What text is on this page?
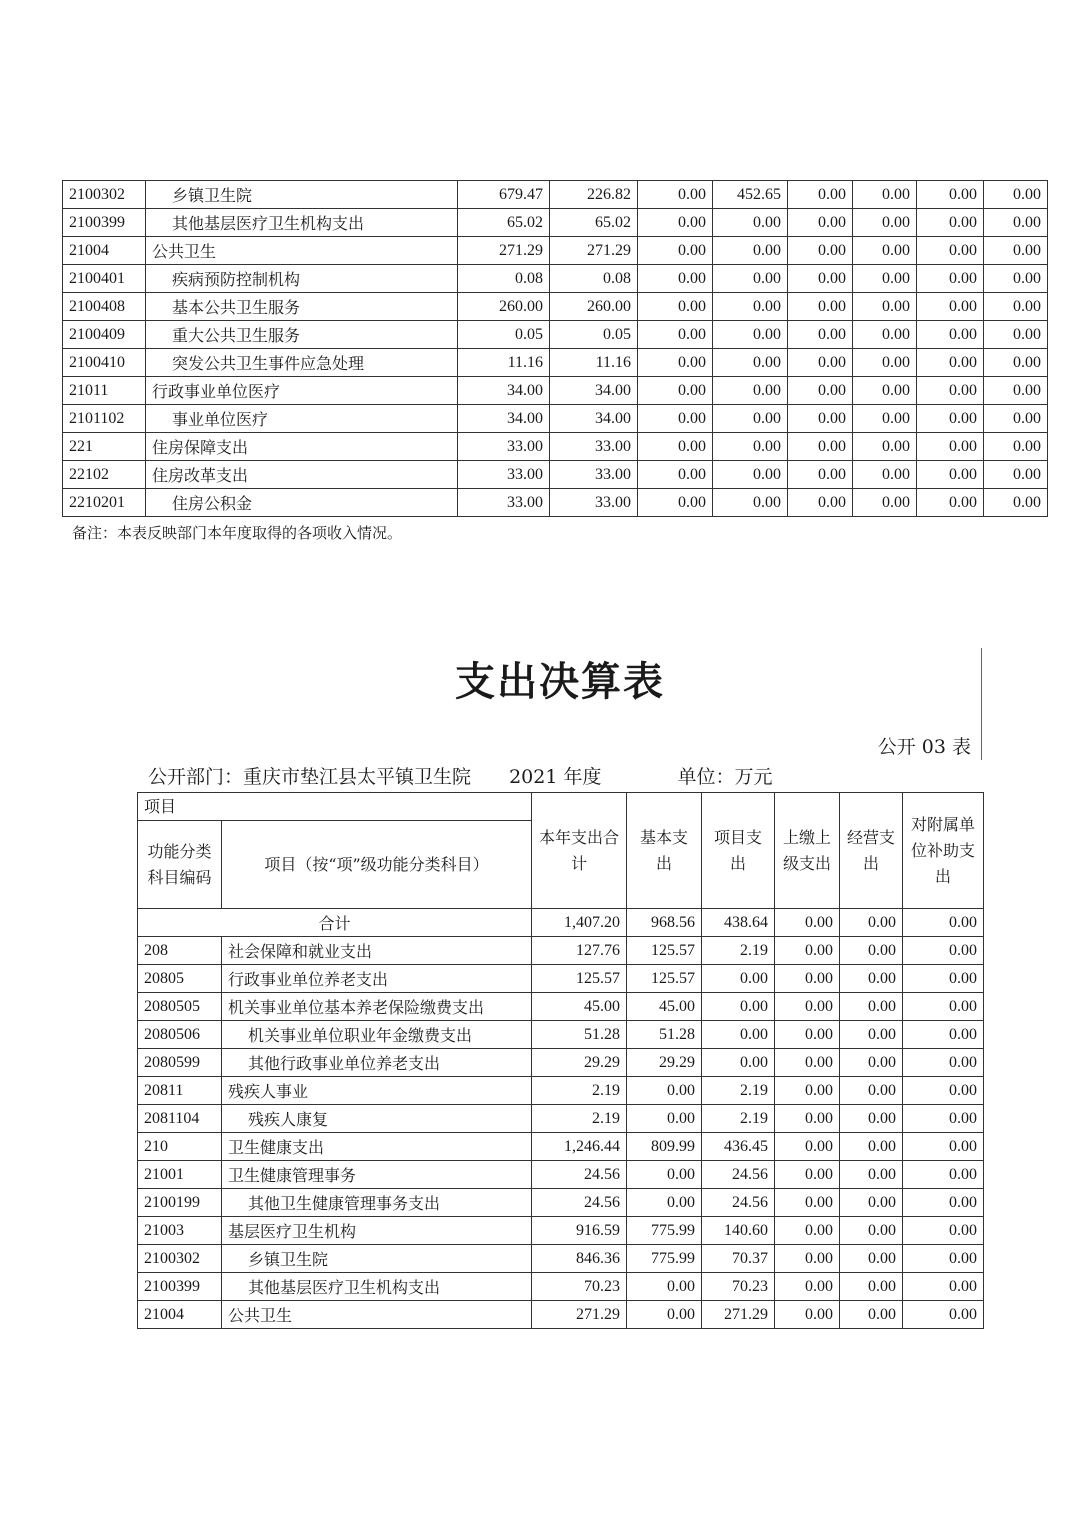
2100302	乡镇卫生院	679.47	226.82	0.00	452.65	0.00	0.00	0.00	0.00
2100399	其他基层医疗卫生机构支出	65.02	65.02	0.00	0.00	0.00	0.00	0.00	0.00
21004	公共卫生	271.29	271.29	0.00	0.00	0.00	0.00	0.00	0.00
2100401	疾病预防控制机构	0.08	0.08	0.00	0.00	0.00	0.00	0.00	0.00
2100408	基本公共卫生服务	260.00	260.00	0.00	0.00	0.00	0.00	0.00	0.00
2100409	重大公共卫生服务	0.05	0.05	0.00	0.00	0.00	0.00	0.00	0.00
2100410	突发公共卫生事件应急处理	11.16	11.16	0.00	0.00	0.00	0.00	0.00	0.00
21011	行政事业单位医疗	34.00	34.00	0.00	0.00	0.00	0.00	0.00	0.00
2101102	事业单位医疗	34.00	34.00	0.00	0.00	0.00	0.00	0.00	0.00
221	住房保障支出	33.00	33.00	0.00	0.00	0.00	0.00	0.00	0.00
22102	住房改革支出	33.00	33.00	0.00	0.00	0.00	0.00	0.00	0.00
2210201	住房公积金	33.00	33.00	0.00	0.00	0.00	0.00	0.00	0.00
备注：本表反映部门本年度取得的各项收入情况。
支出决算表
公开 03 表
公开部门：重庆市垫江县太平镇卫生院 2021 年度	单位：万元
项目		本年支出合计	基本支出	项目支出	上缴上级支出	经营支出	对附属单位补助支出
功能分类科目编码	项目（按“项”级功能分类科目）						
合计		1,407.20	968.56	438.64	0.00	0.00	0.00
208	社会保障和就业支出	127.76	125.57	2.19	0.00	0.00	0.00
20805	行政事业单位养老支出	125.57	125.57	0.00	0.00	0.00	0.00
2080505	机关事业单位基本养老保险缴费支出	45.00	45.00	0.00	0.00	0.00	0.00
2080506	机关事业单位职业年金缴费支出	51.28	51.28	0.00	0.00	0.00	0.00
2080599	其他行政事业单位养老支出	29.29	29.29	0.00	0.00	0.00	0.00
20811	残疾人事业	2.19	0.00	2.19	0.00	0.00	0.00
2081104	残疾人康复	2.19	0.00	2.19	0.00	0.00	0.00
210	卫生健康支出	1,246.44	809.99	436.45	0.00	0.00	0.00
21001	卫生健康管理事务	24.56	0.00	24.56	0.00	0.00	0.00
2100199	其他卫生健康管理事务支出	24.56	0.00	24.56	0.00	0.00	0.00
21003	基层医疗卫生机构	916.59	775.99	140.60	0.00	0.00	0.00
2100302	乡镇卫生院	846.36	775.99	70.37	0.00	0.00	0.00
2100399	其他基层医疗卫生机构支出	70.23	0.00	70.23	0.00	0.00	0.00
21004	公共卫生	271.29	0.00	271.29	0.00	0.00	0.00
